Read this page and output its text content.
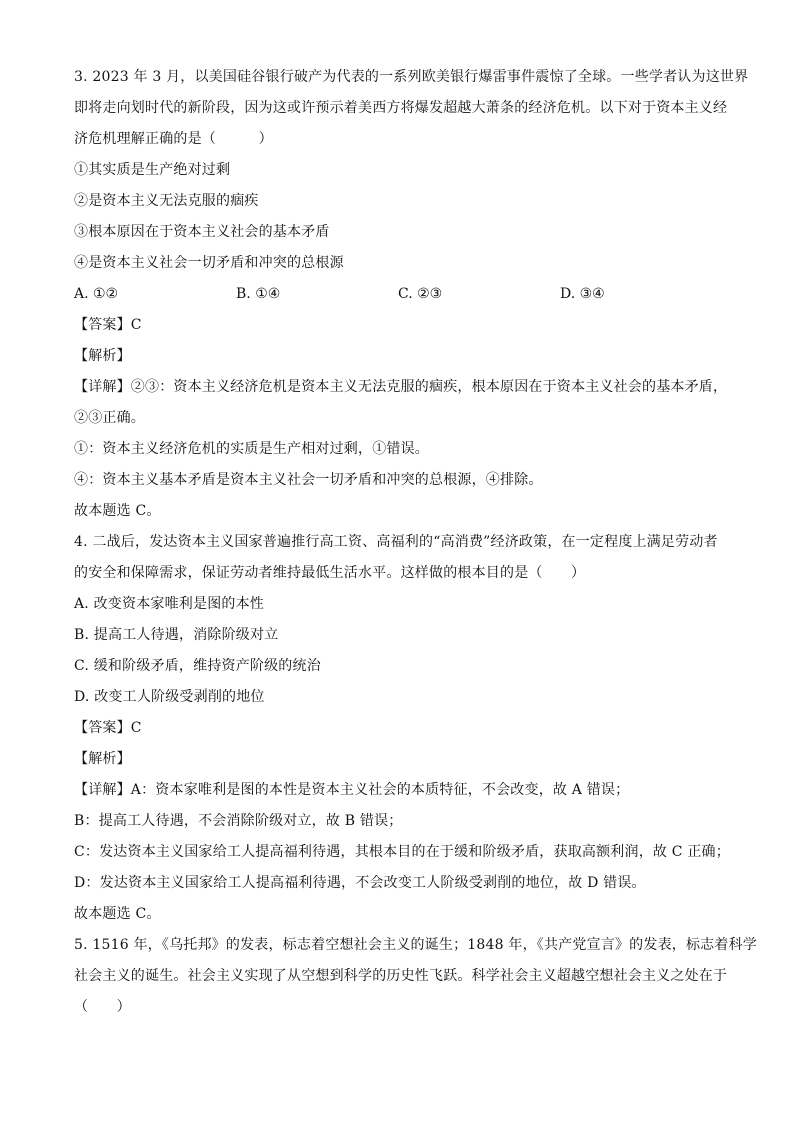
3. 2023 年 3 月，以美国硅谷银行破产为代表的一系列欧美银行爆雷事件震惊了全球。一些学者认为这世界
即将走向划时代的新阶段，因为这或许预示着美西方将爆发超越大萧条的经济危机。以下对于资本主义经
济危机理解正确的是（　　　）
①其实质是生产绝对过剩
②是资本主义无法克服的痼疾
③根本原因在于资本主义社会的基本矛盾
④是资本主义社会一切矛盾和冲突的总根源
A. ①②	B. ①④	C. ②③	D. ③④
【答案】C
【解析】
【详解】②③：资本主义经济危机是资本主义无法克服的痼疾，根本原因在于资本主义社会的基本矛盾，
②③正确。
①：资本主义经济危机的实质是生产相对过剩，①错误。
④：资本主义基本矛盾是资本主义社会一切矛盾和冲突的总根源，④排除。
故本题选 C。
4. 二战后，发达资本主义国家普遍推行高工资、高福利的“高消费”经济政策，在一定程度上满足劳动者
的安全和保障需求，保证劳动者维持最低生活水平。这样做的根本目的是（　　）
A. 改变资本家唯利是图的本性
B. 提高工人待遇，消除阶级对立
C. 缓和阶级矛盾，维持资产阶级的统治
D. 改变工人阶级受剥削的地位
【答案】C
【解析】
【详解】A：资本家唯利是图的本性是资本主义社会的本质特征，不会改变，故 A 错误；
B：提高工人待遇，不会消除阶级对立，故 B 错误；
C：发达资本主义国家给工人提高福利待遇，其根本目的在于缓和阶级矛盾，获取高额利润，故 C 正确；
D：发达资本主义国家给工人提高福利待遇，不会改变工人阶级受剥削的地位，故 D 错误。
故本题选 C。
5. 1516 年，《乌托邦》的发表，标志着空想社会主义的诞生；1848 年，《共产党宣言》的发表，标志着科学
社会主义的诞生。社会主义实现了从空想到科学的历史性飞跃。科学社会主义超越空想社会主义之处在于
（　　）
